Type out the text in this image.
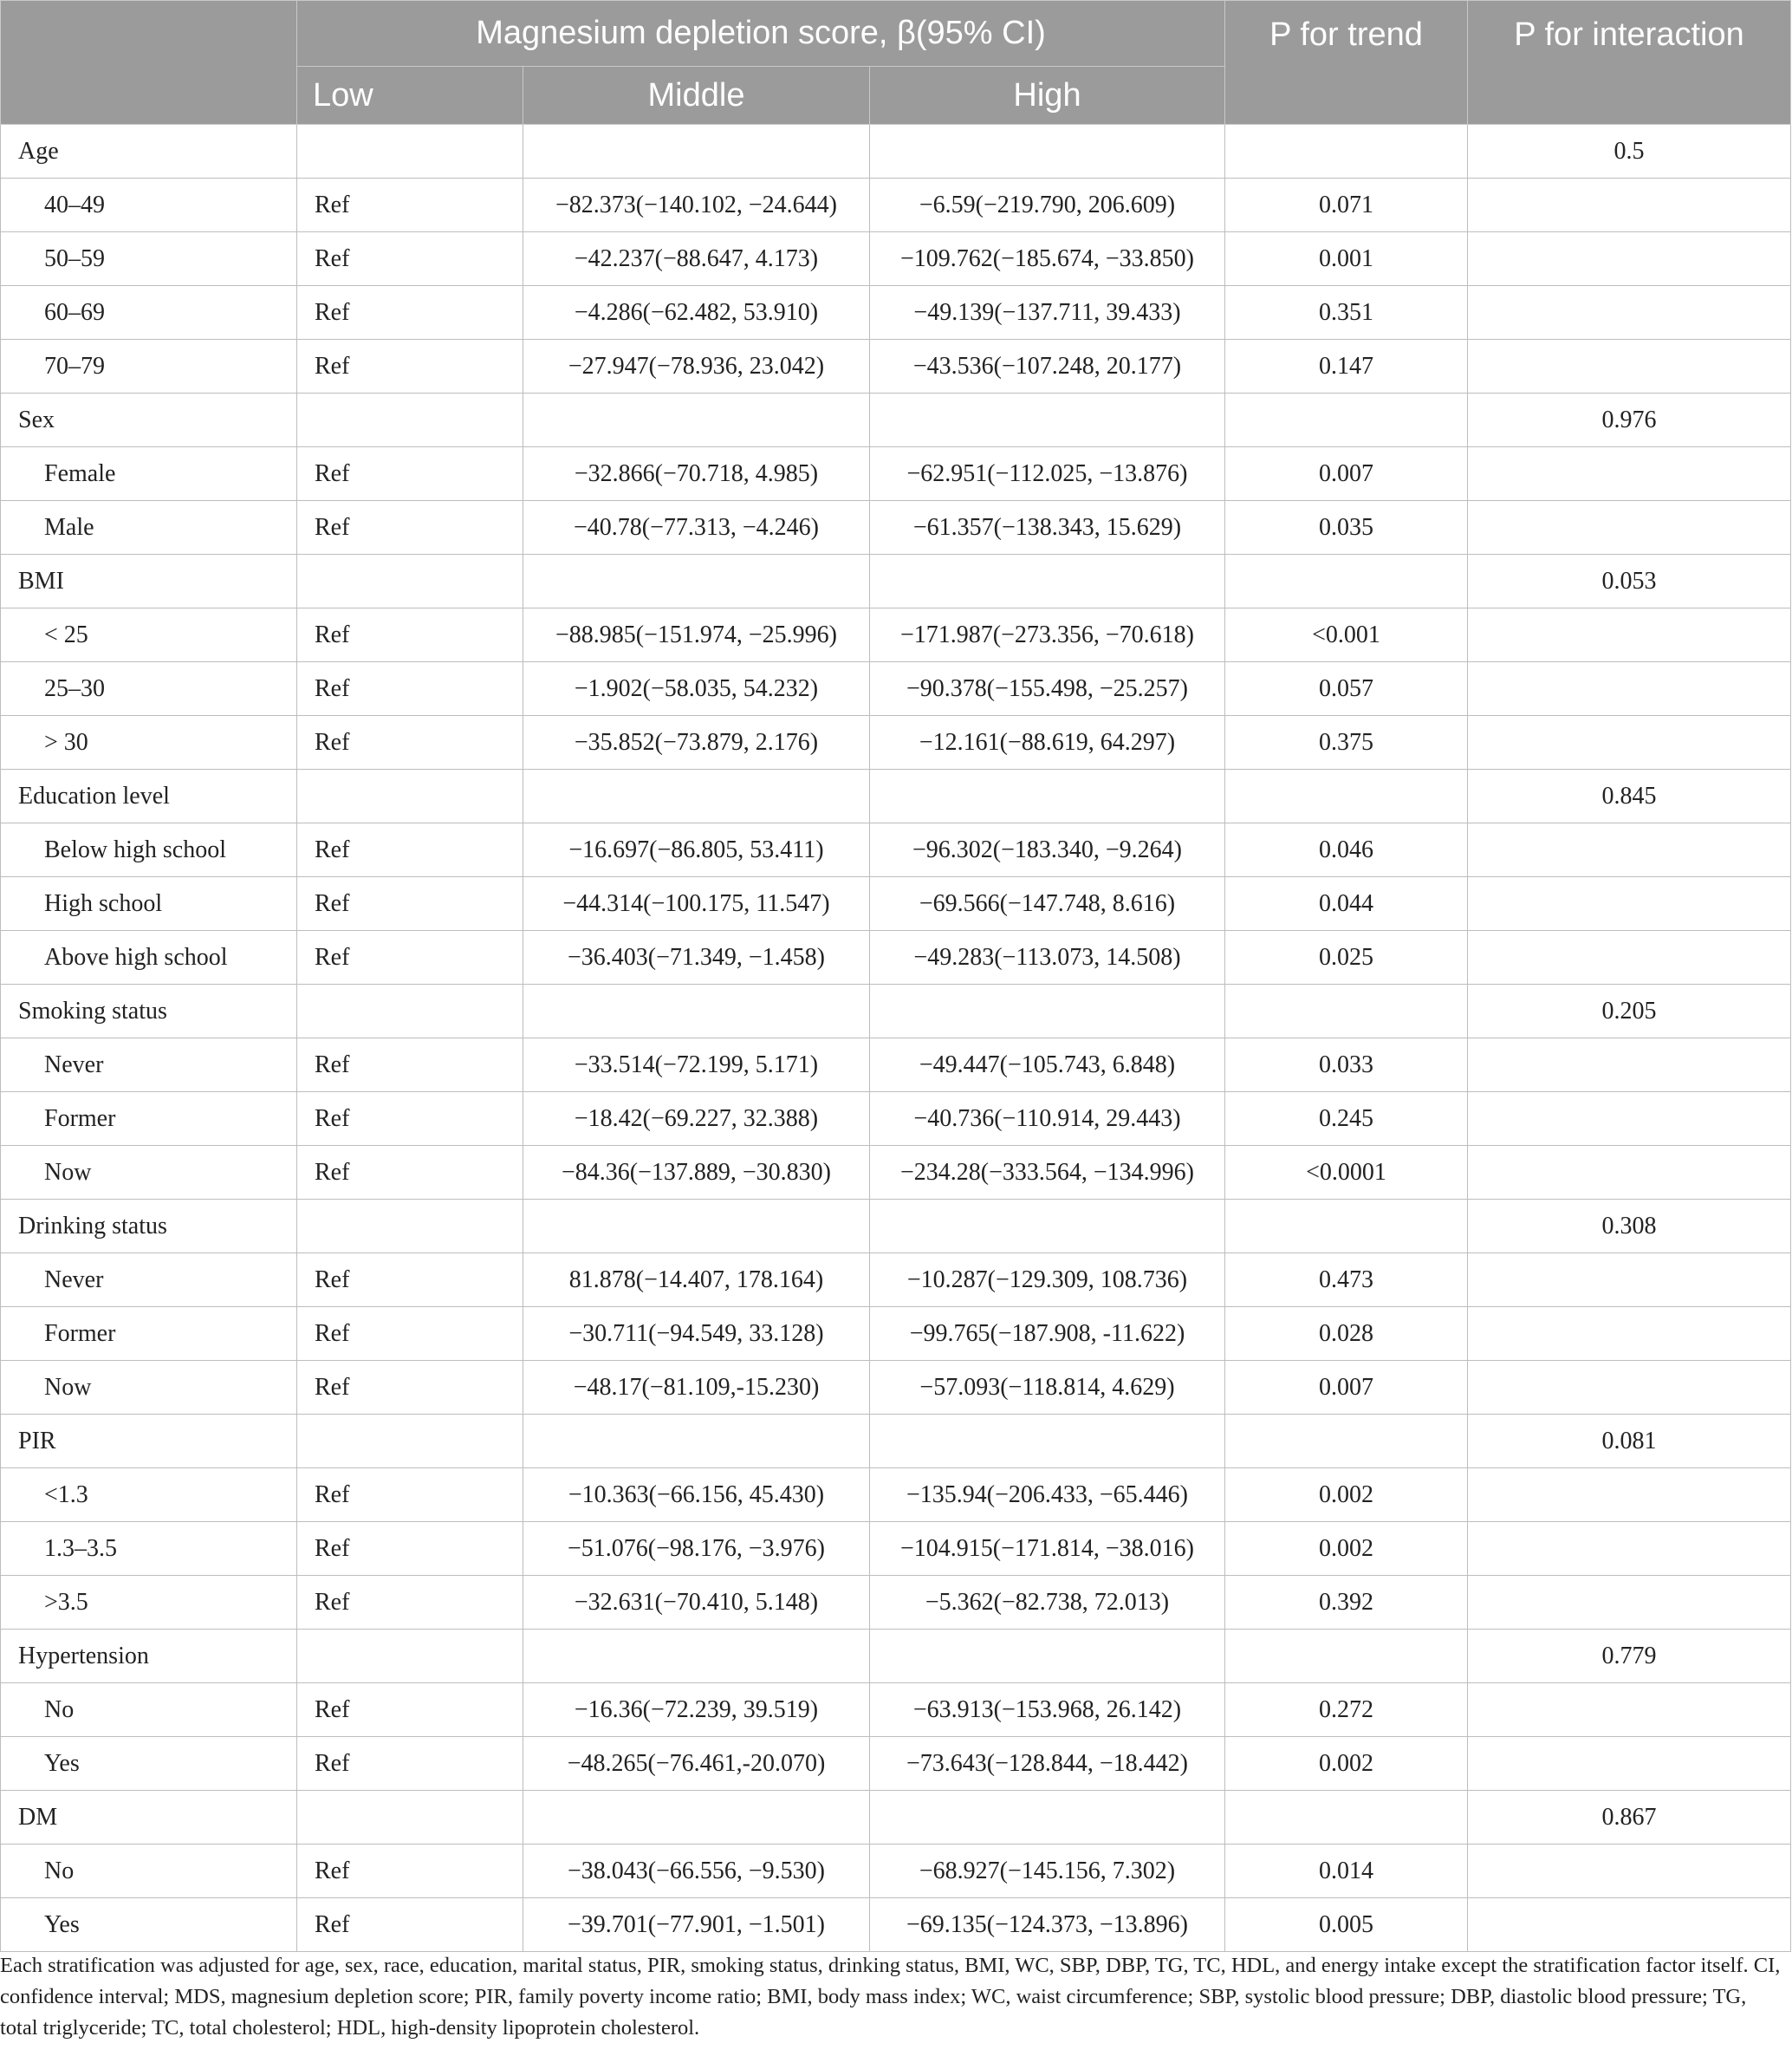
	Magnesium depletion score, β(95% CI)			P for trend	P for interaction
	Low	Middle	High		
Age					0.5
40–49	Ref	−82.373(−140.102, −24.644)	−6.59(−219.790, 206.609)	0.071	
50–59	Ref	−42.237(−88.647, 4.173)	−109.762(−185.674, −33.850)	0.001	
60–69	Ref	−4.286(−62.482, 53.910)	−49.139(−137.711, 39.433)	0.351	
70–79	Ref	−27.947(−78.936, 23.042)	−43.536(−107.248, 20.177)	0.147	
Sex					0.976
Female	Ref	−32.866(−70.718, 4.985)	−62.951(−112.025, −13.876)	0.007	
Male	Ref	−40.78(−77.313, −4.246)	−61.357(−138.343, 15.629)	0.035	
BMI					0.053
< 25	Ref	−88.985(−151.974, −25.996)	−171.987(−273.356, −70.618)	<0.001	
25–30	Ref	−1.902(−58.035, 54.232)	−90.378(−155.498, −25.257)	0.057	
> 30	Ref	−35.852(−73.879, 2.176)	−12.161(−88.619, 64.297)	0.375	
Education level					0.845
Below high school	Ref	−16.697(−86.805, 53.411)	−96.302(−183.340, −9.264)	0.046	
High school	Ref	−44.314(−100.175, 11.547)	−69.566(−147.748, 8.616)	0.044	
Above high school	Ref	−36.403(−71.349, −1.458)	−49.283(−113.073, 14.508)	0.025	
Smoking status					0.205
Never	Ref	−33.514(−72.199, 5.171)	−49.447(−105.743, 6.848)	0.033	
Former	Ref	−18.42(−69.227, 32.388)	−40.736(−110.914, 29.443)	0.245	
Now	Ref	−84.36(−137.889, −30.830)	−234.28(−333.564, −134.996)	<0.0001	
Drinking status					0.308
Never	Ref	81.878(−14.407, 178.164)	−10.287(−129.309, 108.736)	0.473	
Former	Ref	−30.711(−94.549, 33.128)	−99.765(−187.908, -11.622)	0.028	
Now	Ref	−48.17(−81.109,-15.230)	−57.093(−118.814, 4.629)	0.007	
PIR					0.081
<1.3	Ref	−10.363(−66.156, 45.430)	−135.94(−206.433, −65.446)	0.002	
1.3–3.5	Ref	−51.076(−98.176, −3.976)	−104.915(−171.814, −38.016)	0.002	
>3.5	Ref	−32.631(−70.410, 5.148)	−5.362(−82.738, 72.013)	0.392	
Hypertension					0.779
No	Ref	−16.36(−72.239, 39.519)	−63.913(−153.968, 26.142)	0.272	
Yes	Ref	−48.265(−76.461,-20.070)	−73.643(−128.844, −18.442)	0.002	
DM					0.867
No	Ref	−38.043(−66.556, −9.530)	−68.927(−145.156, 7.302)	0.014	
Yes	Ref	−39.701(−77.901, −1.501)	−69.135(−124.373, −13.896)	0.005	
Each stratification was adjusted for age, sex, race, education, marital status, PIR, smoking status, drinking status, BMI, WC, SBP, DBP, TG, TC, HDL, and energy intake except the stratification factor itself. CI, confidence interval; MDS, magnesium depletion score; PIR, family poverty income ratio; BMI, body mass index; WC, waist circumference; SBP, systolic blood pressure; DBP, diastolic blood pressure; TG, total triglyceride; TC, total cholesterol; HDL, high-density lipoprotein cholesterol.
